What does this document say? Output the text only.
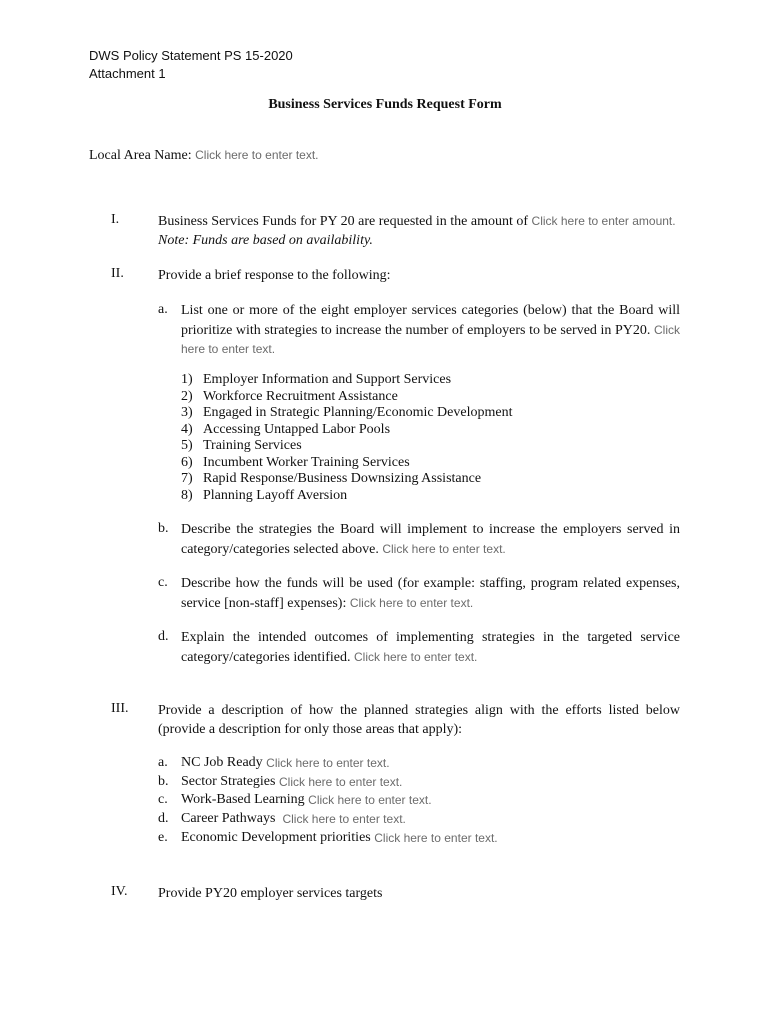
DWS Policy Statement PS 15-2020
Attachment 1
Business Services Funds Request Form
Local Area Name: Click here to enter text.
I.	Business Services Funds for PY 20 are requested in the amount of Click here to enter amount.
Note: Funds are based on availability.
II. Provide a brief response to the following:
a. List one or more of the eight employer services categories (below) that the Board will prioritize with strategies to increase the number of employers to be served in PY20. Click here to enter text.
1) Employer Information and Support Services
2) Workforce Recruitment Assistance
3) Engaged in Strategic Planning/Economic Development
4) Accessing Untapped Labor Pools
5) Training Services
6) Incumbent Worker Training Services
7) Rapid Response/Business Downsizing Assistance
8) Planning Layoff Aversion
b. Describe the strategies the Board will implement to increase the employers served in category/categories selected above. Click here to enter text.
c. Describe how the funds will be used (for example: staffing, program related expenses, service [non-staff] expenses): Click here to enter text.
d. Explain the intended outcomes of implementing strategies in the targeted service category/categories identified. Click here to enter text.
III. Provide a description of how the planned strategies align with the efforts listed below (provide a description for only those areas that apply):
a. NC Job Ready
Click here to enter text.
b. Sector Strategies
Click here to enter text.
c. Work-Based Learning
Click here to enter text.
d. Career Pathways
Click here to enter text.
e. Economic Development priorities
Click here to enter text.
IV. Provide PY20 employer services targets
